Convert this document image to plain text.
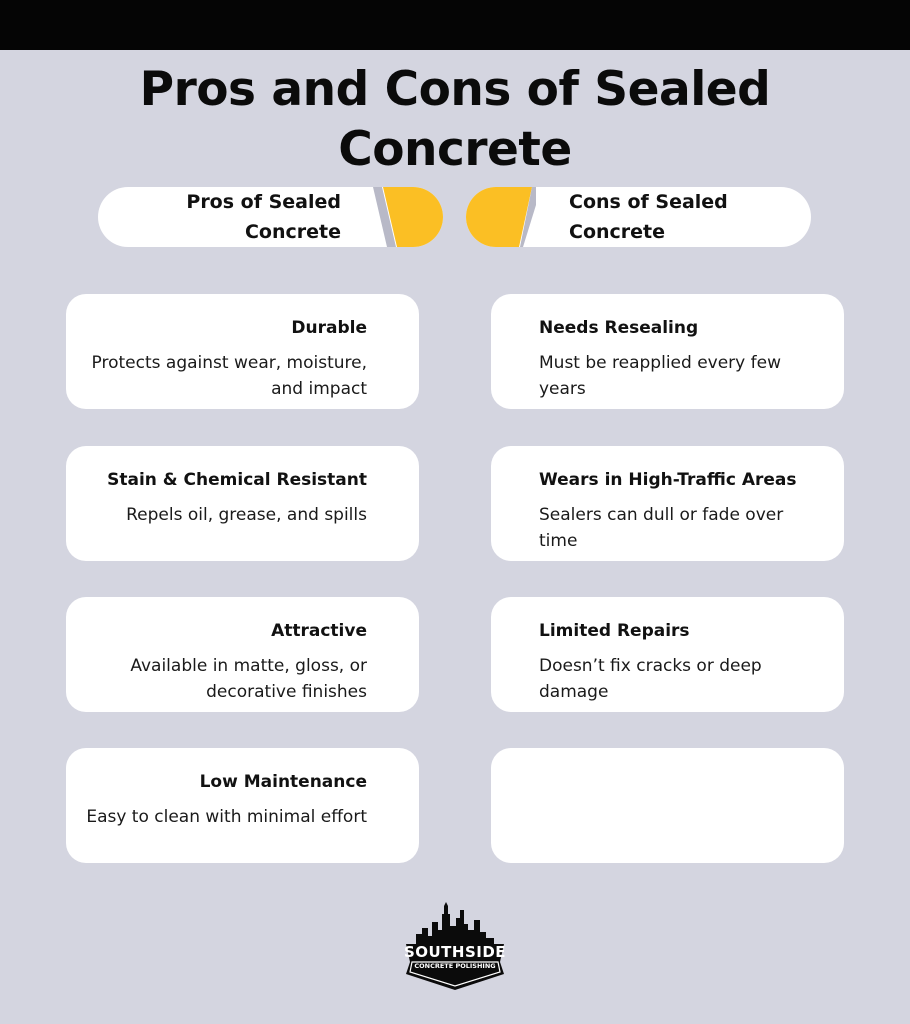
Pros and Cons of Sealed Concrete
Pros of Sealed
Concrete
Cons of Sealed
Concrete
Durable
Protects against wear, moisture, and impact
Stain & Chemical Resistant
Repels oil, grease, and spills
Attractive
Available in matte, gloss, or decorative finishes
Low Maintenance
Easy to clean with minimal effort
Needs Resealing
Must be reapplied every few years
Wears in High-Traffic Areas
Sealers can dull or fade over time
Limited Repairs
Doesn’t fix cracks or deep damage
SOUTHSIDE
CONCRETE POLISHING
